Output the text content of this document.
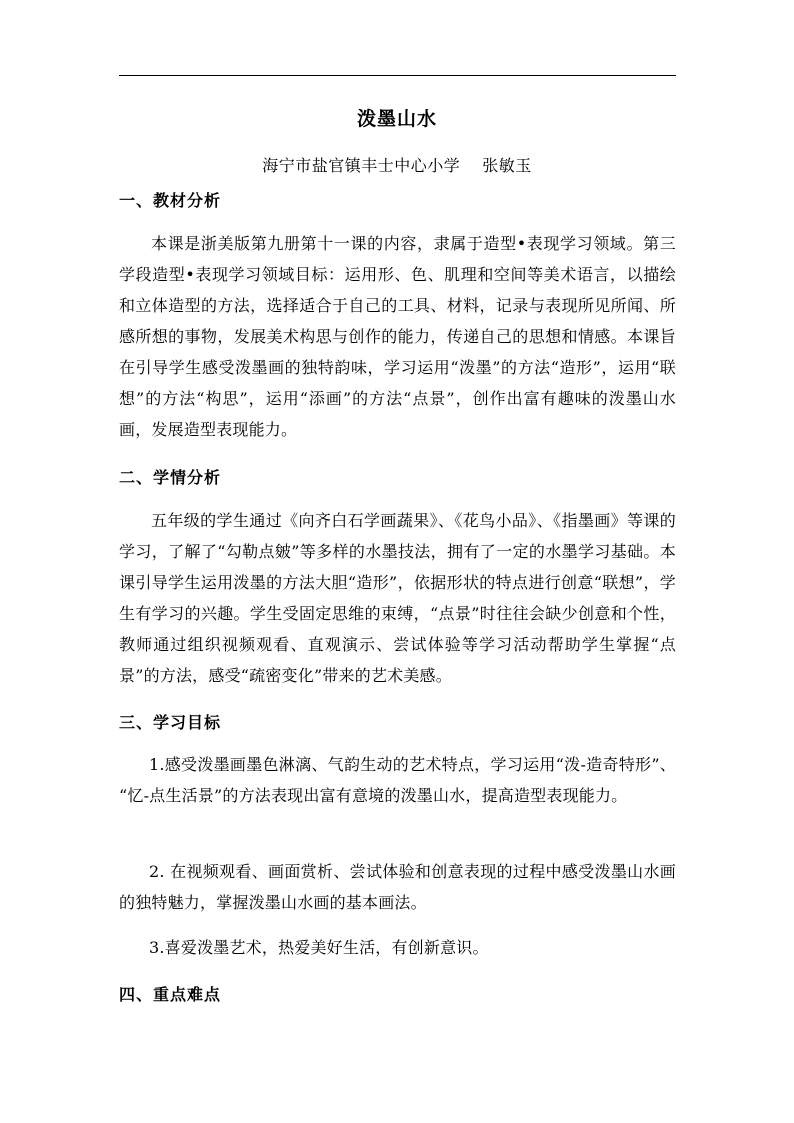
泼墨山水
海宁市盐官镇丰士中心小学 张敏玉
一、教材分析
本课是浙美版第九册第十一课的内容，隶属于造型•表现学习领域。第三学段造型•表现学习领域目标：运用形、色、肌理和空间等美术语言，以描绘和立体造型的方法，选择适合于自己的工具、材料，记录与表现所见所闻、所感所想的事物，发展美术构思与创作的能力，传递自己的思想和情感。本课旨在引导学生感受泼墨画的独特韵味，学习运用“泼墨”的方法“造形”，运用“联想”的方法“构思”，运用“添画”的方法“点景”，创作出富有趣味的泼墨山水画，发展造型表现能力。
二、学情分析
五年级的学生通过《向齐白石学画蔬果》、《花鸟小品》、《指墨画》等课的学习，了解了“勾勒点皴”等多样的水墨技法，拥有了一定的水墨学习基础。本课引导学生运用泼墨的方法大胆“造形”，依据形状的特点进行创意“联想”，学生有学习的兴趣。学生受固定思维的束缚，“点景”时往往会缺少创意和个性，教师通过组织视频观看、直观演示、尝试体验等学习活动帮助学生掌握“点景”的方法，感受“疏密变化”带来的艺术美感。
三、学习目标
1.感受泼墨画墨色淋漓、气韵生动的艺术特点，学习运用“泼-造奇特形”、 “忆-点生活景”的方法表现出富有意境的泼墨山水，提高造型表现能力。
2. 在视频观看、画面赏析、尝试体验和创意表现的过程中感受泼墨山水画的独特魅力，掌握泼墨山水画的基本画法。
3.喜爱泼墨艺术，热爱美好生活，有创新意识。
四、重点难点
